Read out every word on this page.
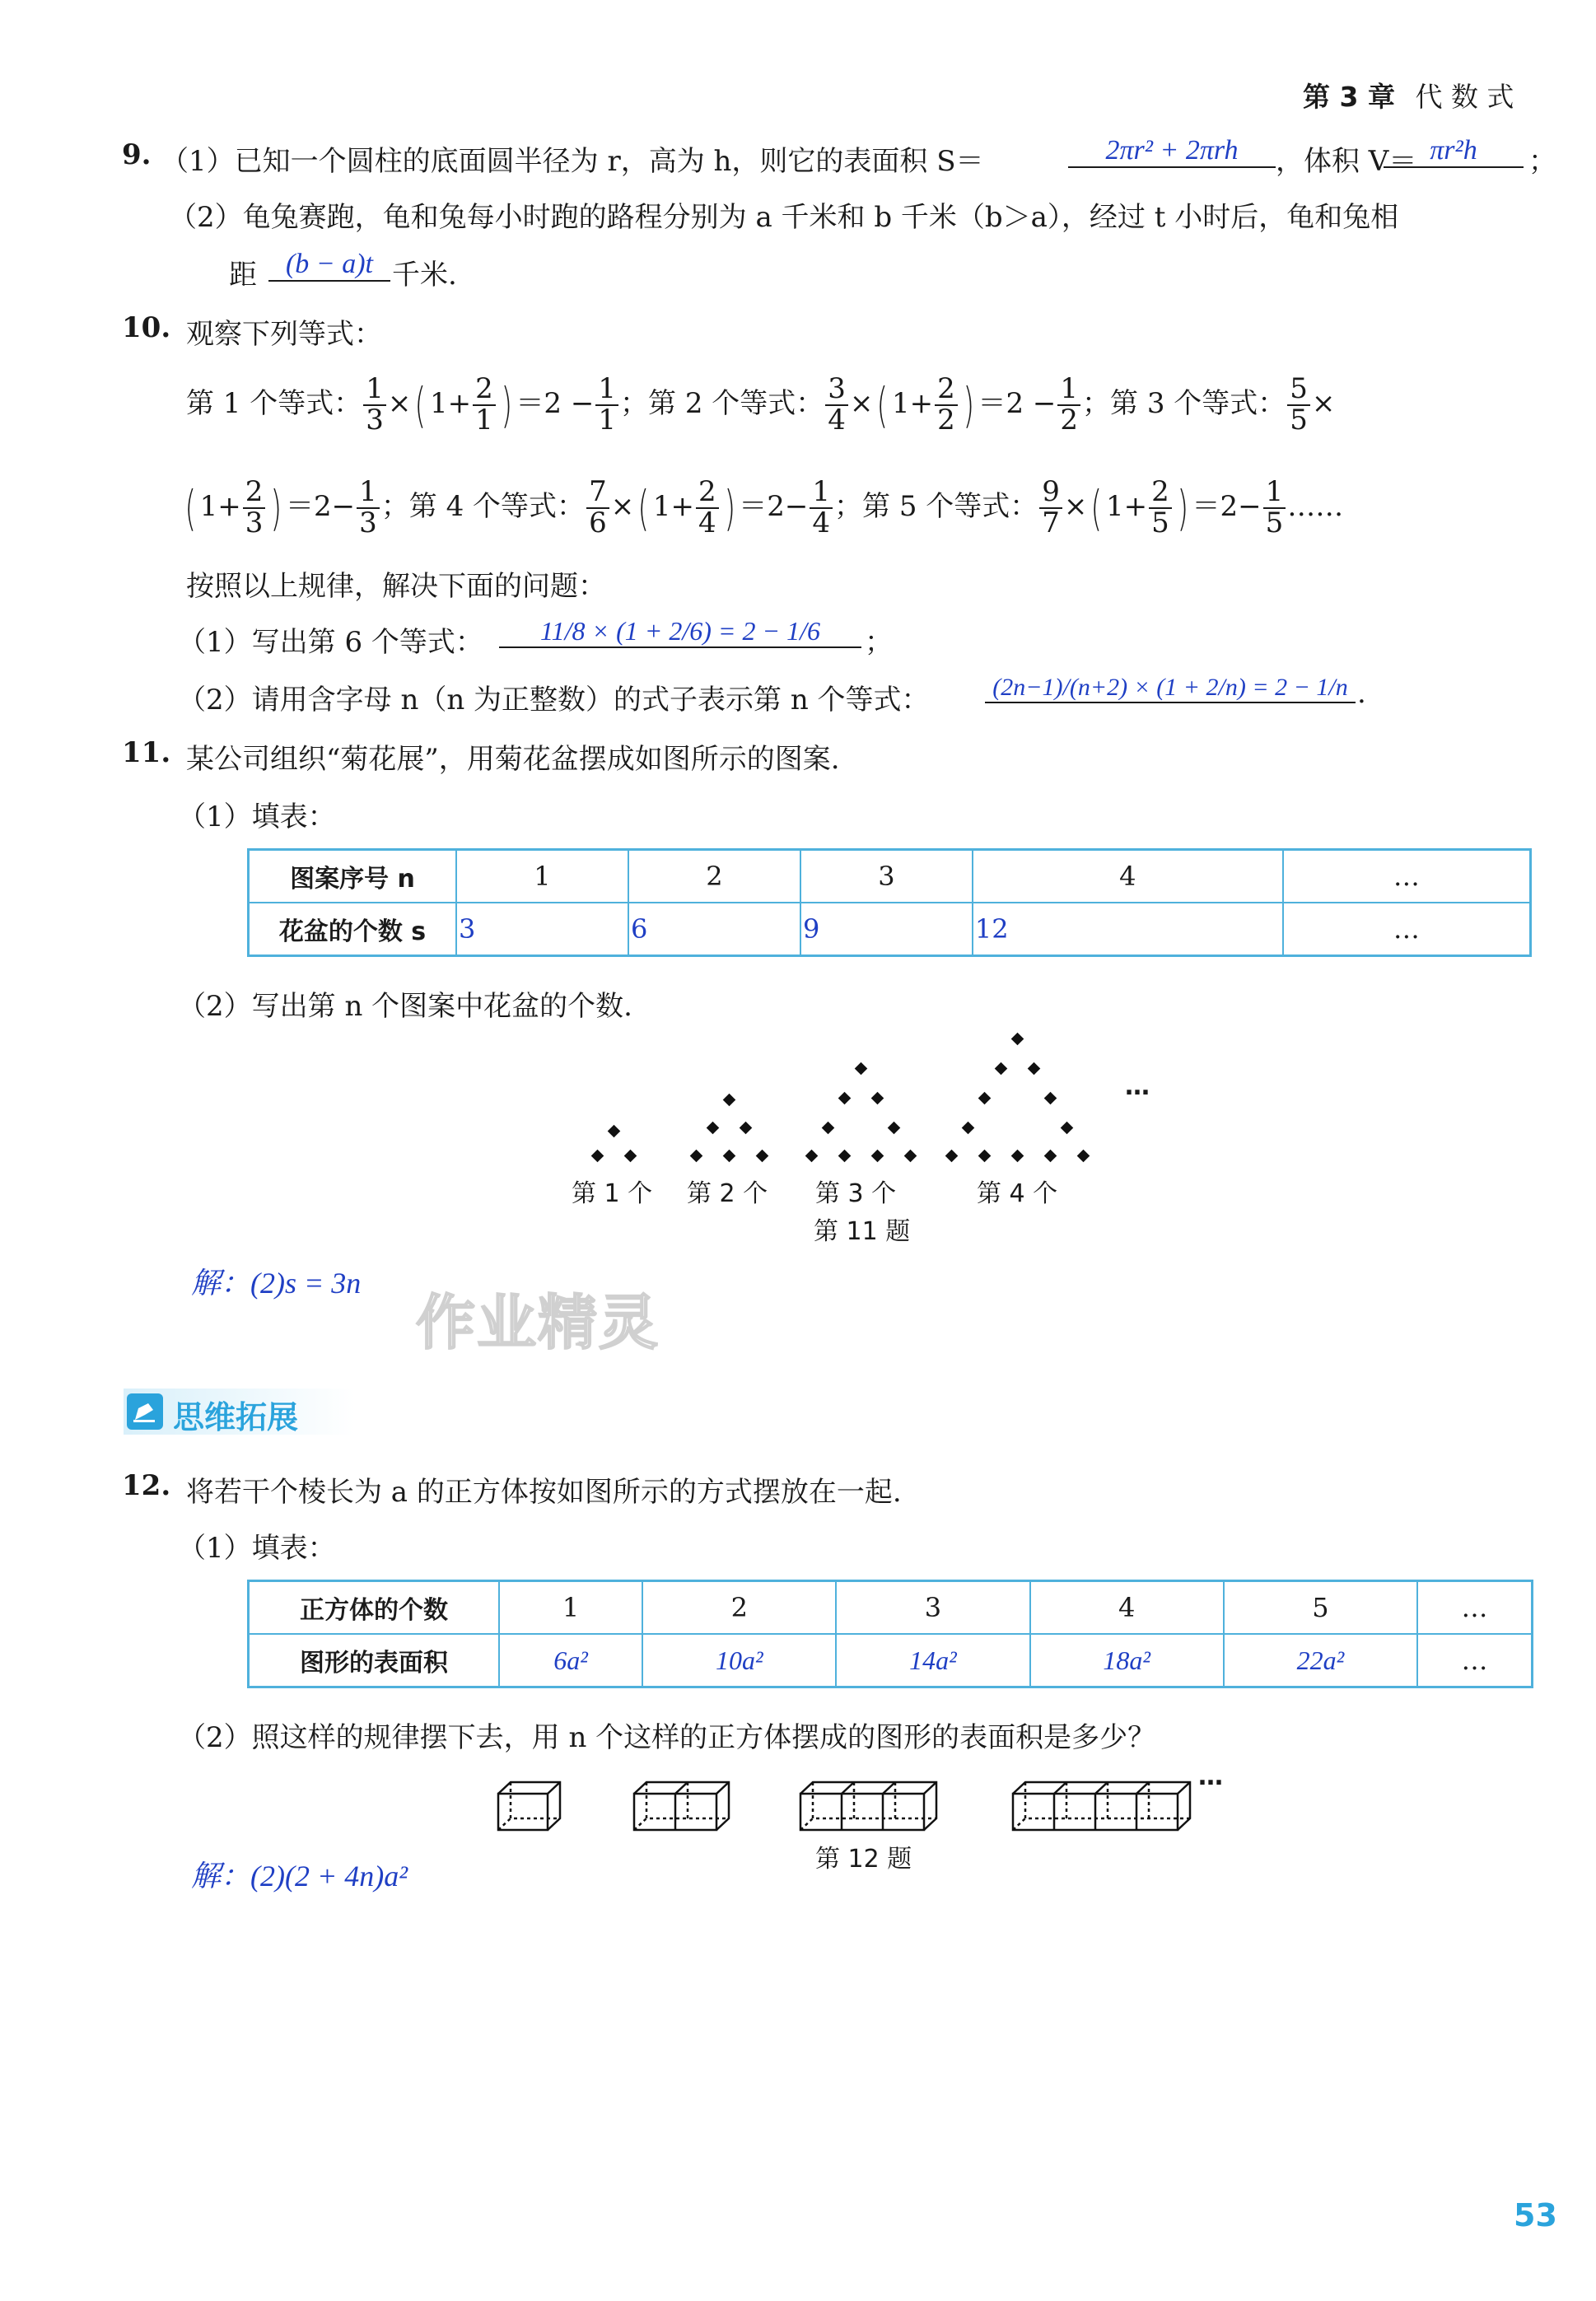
第 3 章 代 数 式
9. （1）已知一个圆柱的底面圆半径为 r，高为 h，则它的表面积 S＝	2πr² + 2πrh	，体积 V＝ πr²h	；
（2）龟兔赛跑，龟和兔每小时跑的路程分别为 a 千米和 b 千米（b＞a），经过 t 小时后，龟和兔相
距	(b − a)t 千米.
10. 观察下列等式：
第 1 个等式： $\frac{1}{3}$ ×( $1+ \frac{2}{1}$ ) $=2 - \frac{1}{1}$ ；第 2 个等式： $\frac{3}{4}$ ×( $1+ \frac{2}{2}$ ) $=2 - \frac{1}{2}$ ；第 3 个等式： $\frac{5}{5}$ ×
( $1+ \frac{2}{3}$ ) $=2- \frac{1}{3}$ ；第 4 个等式： $\frac{7}{6}$ ×( $1+ \frac{2}{4}$ ) $=2- \frac{1}{4}$ ；第 5 个等式： $\frac{9}{7}$ ×( $1+ \frac{2}{5}$ ) $=2- \frac{1}{5}$ ……
按照以上规律，解决下面的问题：
（1）写出第 6 个等式：	11/8 × (1 + 2/6) = 2 − 1/6	；
（2）请用含字母 n（n 为正整数）的式子表示第 n 个等式：	(2n−1)/(n+2) × (1 + 2/n) = 2 − 1/n .
11. 某公司组织“菊花展”，用菊花盆摆成如图所示的图案.
（1）填表：
图案序号 n	1	2	3	4	…
花盆的个数 s	3	6	9	12	…
（2）写出第 n 个图案中花盆的个数.
…
第 1 个 第 2 个 第 3 个	第 4 个
第 11 题
解：(2)s = 3n
作业精灵
思维拓展
12. 将若干个棱长为 a 的正方体按如图所示的方式摆放在一起.
（1）填表：
正方体的个数	1	2	3	4	5	…
图形的表面积	6a²	10a²	14a²	18a²	22a²	…
（2）照这样的规律摆下去，用 n 个这样的正方体摆成的图形的表面积是多少？
…
第 12 题
解：(2)(2 + 4n)a²
53
